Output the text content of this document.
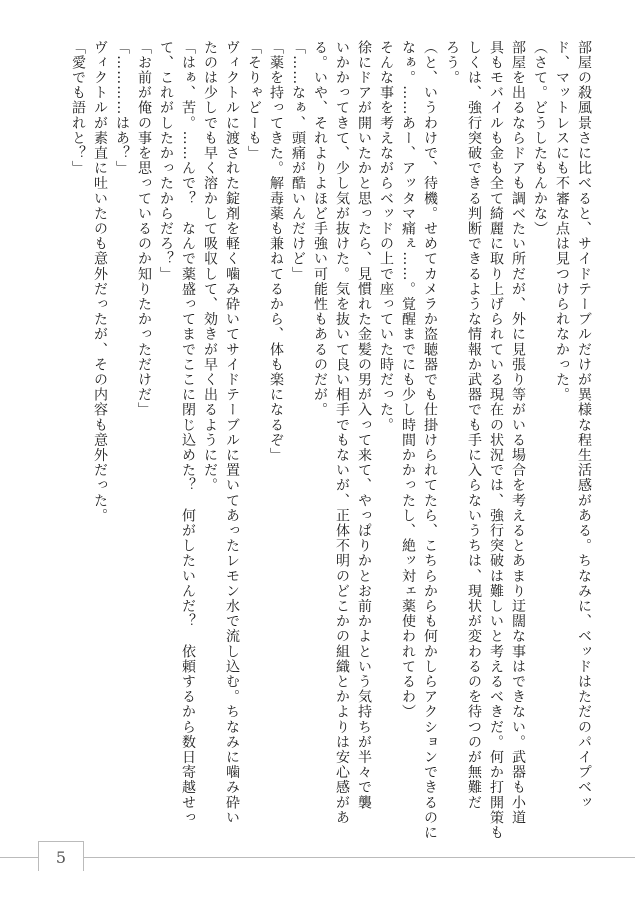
部屋の殺風景さに比べると、サイドテーブルだけが異様な程生活感がある。ちなみに、ベッドはただのパイプベッ
ド、マットレスにも不審な点は見つけられなかった。
（さて。どうしたもんかな）
部屋を出るならドアも調べたい所だが、外に見張り等がいる場合を考えるとあまり迂闊な事はできない。武器も小道
具もモバイルも金も全て綺麗に取り上げられている現在の状況では、強行突破は難しいと考えるべきだ。何か打開策も
しくは、強行突破できる判断できるような情報か武器でも手に入らないうちは、現状が変わるのを待つのが無難だ
ろう。
（と、いうわけで、待機。せめてカメラか盗聴器でも仕掛けられてたら、こちらからも何かしらアクションできるのに
なぁ。……あー、アッタマ痛ぇ……。覚醒までにも少し時間かかったし、絶ッ対ェ薬使われてるわ）
そんな事を考えながらベッドの上で座っていた時だった。
徐にドアが開いたかと思ったら、見慣れた金髪の男が入って来て、やっぱりかとお前かよという気持ちが半々で襲
いかかってきて、少し気が抜けた。気を抜いて良い相手でもないが、正体不明のどこかの組織とかよりは安心感があ
る。いや、それよりよほど手強い可能性もあるのだが。
「……なぁ、頭痛が酷いんだけど」
「薬を持ってきた。解毒薬も兼ねてるから、体も楽になるぞ」
「そりゃどーも」
ヴィクトルに渡された錠剤を軽く噛み砕いてサイドテーブルに置いてあったレモン水で流し込む。ちなみに噛み砕い
たのは少しでも早く溶かして吸収して、効きが早く出るようにだ。
「はぁ、苦。……んで？　なんで薬盛ってまでここに閉じ込めた？　何がしたいんだ？　依頼するから数日寄越せっ
て、これがしたかったからだろ？」
「お前が俺の事を思っているのか知りたかっただけだ」
「…………はあ？」
ヴィクトルが素直に吐いたのも意外だったが、その内容も意外だった。
「愛でも語れと？」
5
